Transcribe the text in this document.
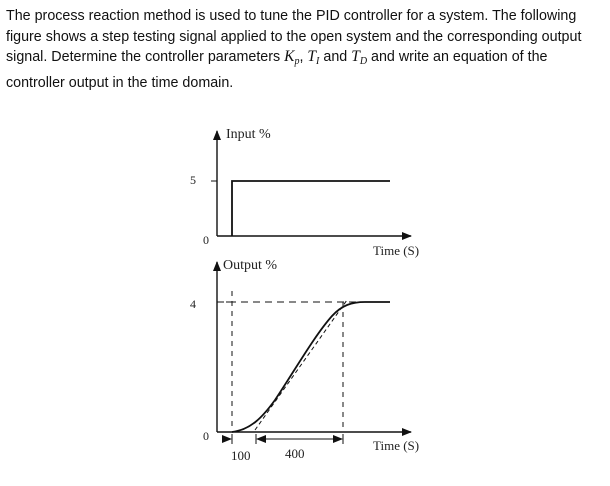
The process reaction method is used to tune the PID controller for a system. The following
figure shows a step testing signal applied to the open system and the corresponding output
signal. Determine the controller parameters $K_p$, $T_I$ and $T_D$ and write an equation of the
controller output in the time domain.
Input %
Time (S)
5
0
Output %
Time (S)
4
0
100	400
